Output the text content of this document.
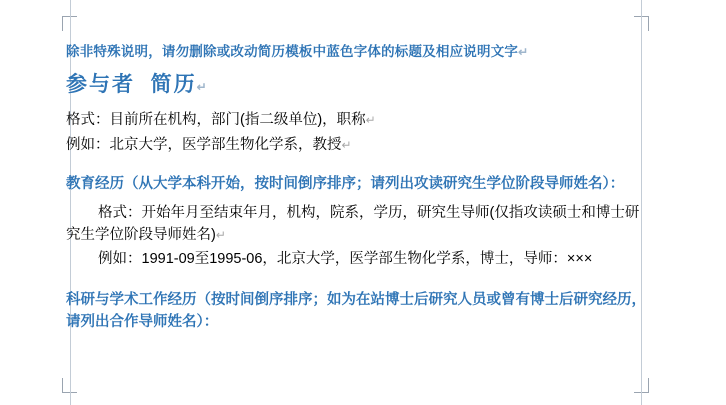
除非特殊说明，请勿删除或改动简历模板中蓝色字体的标题及相应说明文字↵

参与者  简历↵

格式：目前所在机构，部门(指二级单位)，职称↵

例如：北京大学，医学部生物化学系，教授↵

教育经历（从大学本科开始，按时间倒序排序；请列出攻读研究生学位阶段导师姓名）：

格式：开始年月至结束年月，机构，院系，学历，研究生导师(仅指攻读硕士和博士研究生学位阶段导师姓名)↵

例如：1991-09至1995-06，北京大学，医学部生物化学系，博士，导师：×××

科研与学术工作经历（按时间倒序排序；如为在站博士后研究人员或曾有博士后研究经历，请列出合作导师姓名）：
